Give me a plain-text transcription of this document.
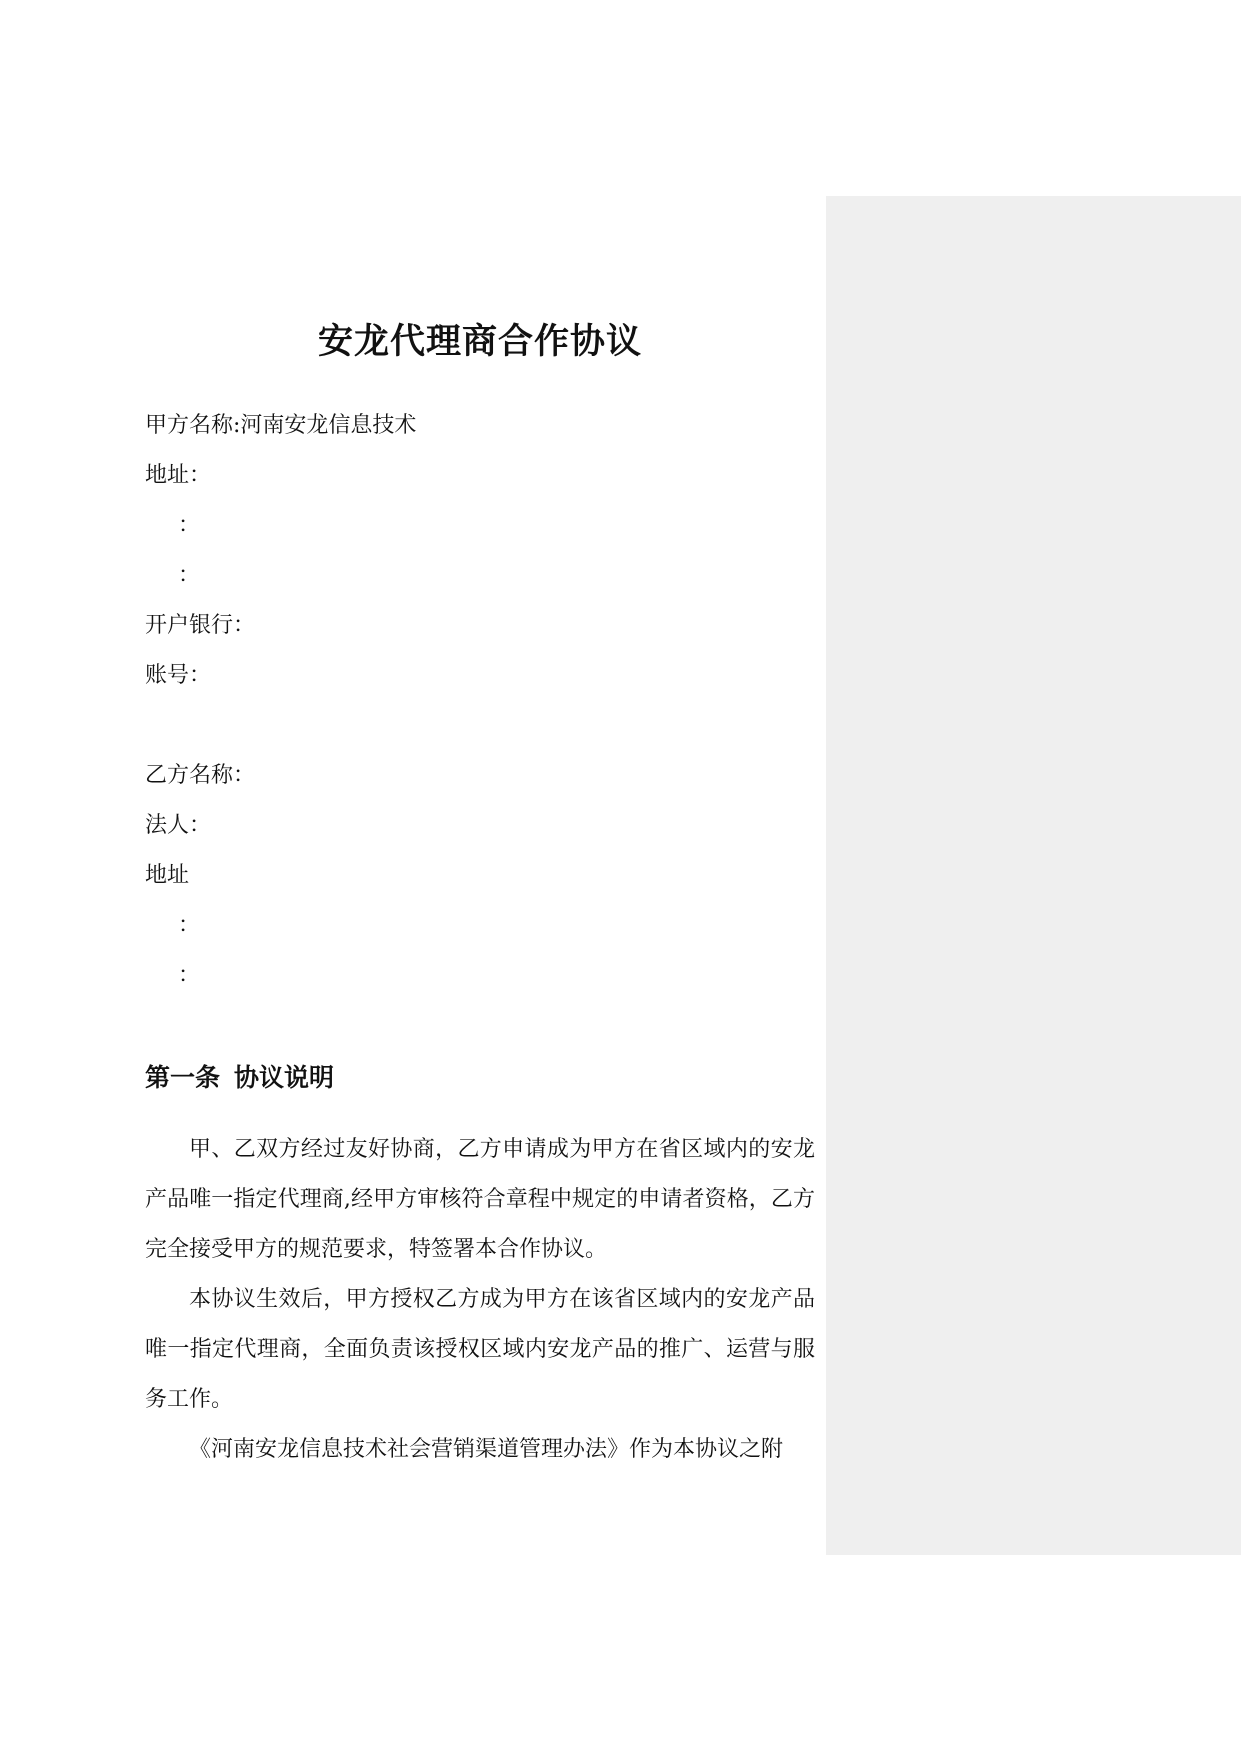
安龙代理商合作协议
甲方名称:河南安龙信息技术
地址：
：
：
开户银行：
账号：
乙方名称：
法人：
地址
：
：
第一条 协议说明

甲、乙双方经过友好协商，乙方申请成为甲方在省区域内的安龙产品唯一指定代理商,经甲方审核符合章程中规定的申请者资格，乙方完全接受甲方的规范要求，特签署本合作协议。

本协议生效后，甲方授权乙方成为甲方在该省区域内的安龙产品唯一指定代理商，全面负责该授权区域内安龙产品的推广、运营与服务工作。

《河南安龙信息技术社会营销渠道管理办法》作为本协议之附
